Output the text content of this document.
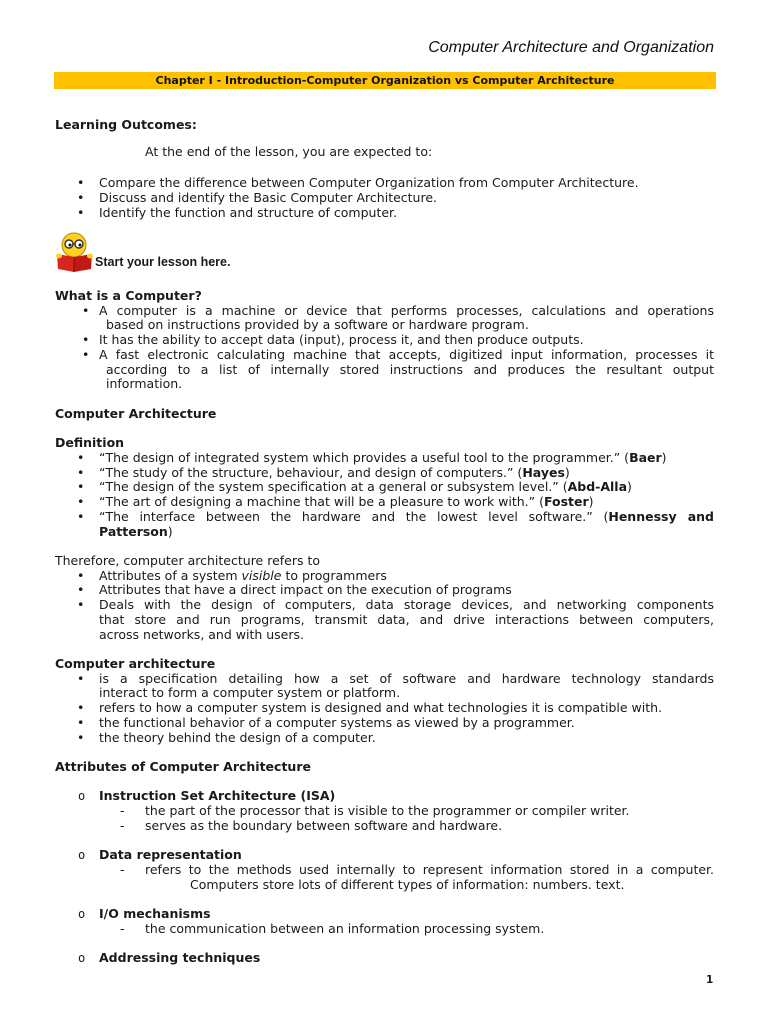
Computer Architecture and Organization
Chapter I - Introduction-Computer Organization vs Computer Architecture
Learning Outcomes:
At the end of the lesson, you are expected to:
• Compare the difference between Computer Organization from Computer Architecture.
• Discuss and identify the Basic Computer Architecture.
• Identify the function and structure of computer.
Start your lesson here.
What is a Computer?
• A computer is a machine or device that performs processes, calculations and operations
based on instructions provided by a software or hardware program.
• It has the ability to accept data (input), process it, and then produce outputs.
• A fast electronic calculating machine that accepts, digitized input information, processes it
according to a list of internally stored instructions and produces the resultant output
information.
Computer Architecture
Definition
• “The design of integrated system which provides a useful tool to the programmer.” (Baer)
• “The study of the structure, behaviour, and design of computers.” (Hayes)
• “The design of the system specification at a general or subsystem level.” (Abd-Alla)
• “The art of designing a machine that will be a pleasure to work with.” (Foster)
• “The interface between the hardware and the lowest level software.” (Hennessy and
Patterson)
Therefore, computer architecture refers to
• Attributes of a system visible to programmers
• Attributes that have a direct impact on the execution of programs
• Deals with the design of computers, data storage devices, and networking components
that store and run programs, transmit data, and drive interactions between computers,
across networks, and with users.
Computer architecture
• is a specification detailing how a set of software and hardware technology standards
interact to form a computer system or platform.
• refers to how a computer system is designed and what technologies it is compatible with.
• the functional behavior of a computer systems as viewed by a programmer.
• the theory behind the design of a computer.
Attributes of Computer Architecture
o Instruction Set Architecture (ISA)
- the part of the processor that is visible to the programmer or compiler writer.
- serves as the boundary between software and hardware.
o Data representation
- refers to the methods used internally to represent information stored in a computer.
Computers store lots of different types of information: numbers. text.
o I/O mechanisms
- the communication between an information processing system.
o Addressing techniques
1
